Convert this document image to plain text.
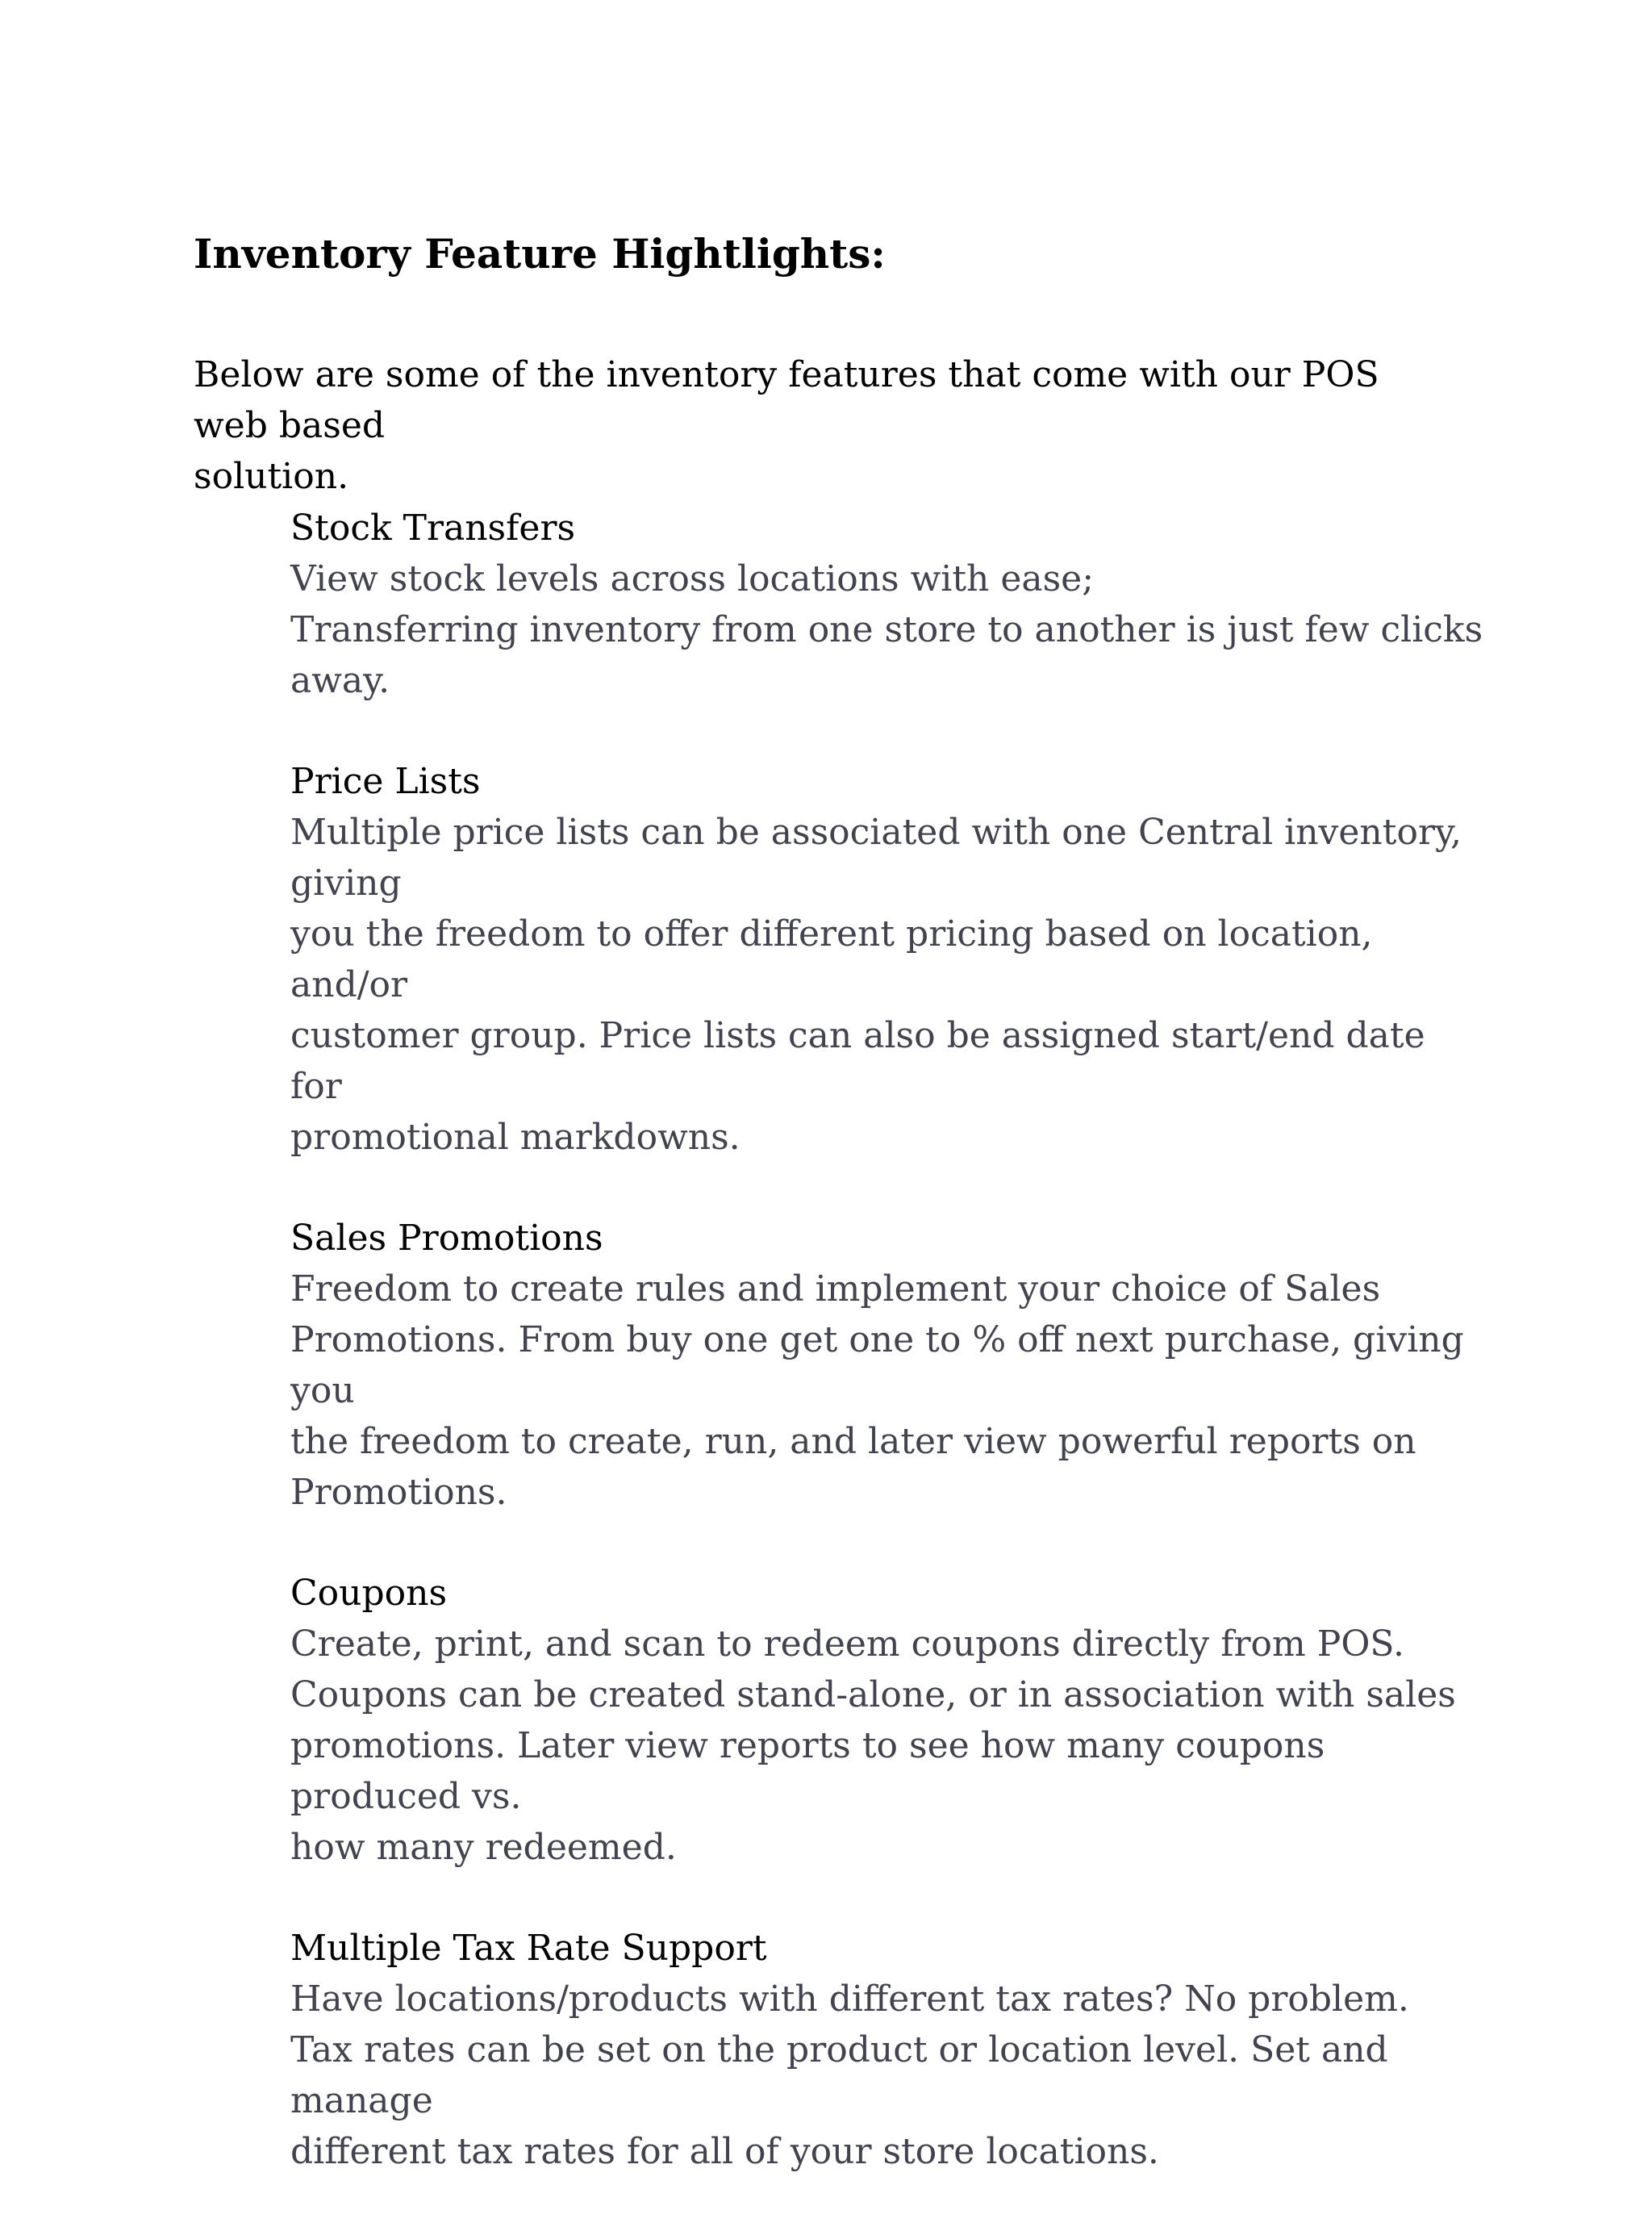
Inventory Feature Hightlights:

Below are some of the inventory features that come with our POS web based
solution.

Stock Transfers
View stock levels across locations with ease;
Transferring inventory from one store to another is just few clicks away.
Price Lists
Multiple price lists can be associated with one Central inventory, giving
you the freedom to offer different pricing based on location, and/or
customer group. Price lists can also be assigned start/end date for
promotional markdowns.
Sales Promotions
Freedom to create rules and implement your choice of Sales
Promotions. From buy one get one to % off next purchase, giving you
the freedom to create, run, and later view powerful reports on
Promotions.
Coupons
Create, print, and scan to redeem coupons directly from POS.
Coupons can be created stand-alone, or in association with sales
promotions. Later view reports to see how many coupons produced vs.
how many redeemed.
Multiple Tax Rate Support
Have locations/products with different tax rates? No problem.
Tax rates can be set on the product or location level. Set and manage
different tax rates for all of your store locations.
